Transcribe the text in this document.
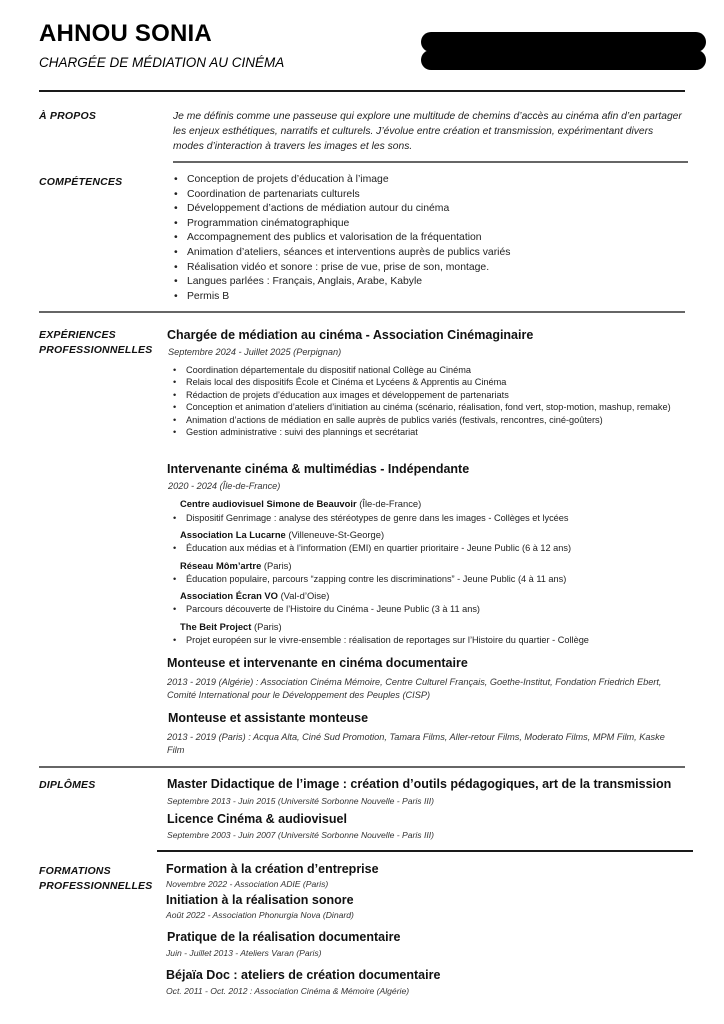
AHNOU SONIA
CHARGÉE DE MÉDIATION AU CINÉMA
À PROPOS	Je me définis comme une passeuse qui explore une multitude de chemins d’accès au cinéma afin d’en partager les enjeux esthétiques, narratifs et culturels. J’évolue entre création et transmission, expérimentant divers modes d’interaction à travers les images et les sons.
COMPÉTENCES	• Conception de projets d’éducation à l’image
• Coordination de partenariats culturels
• Développement d’actions de médiation autour du cinéma
• Programmation cinématographique
• Accompagnement des publics et valorisation de la fréquentation
• Animation d’ateliers, séances et interventions auprès de publics variés
• Réalisation vidéo et sonore : prise de vue, prise de son, montage.
• Langues parlées : Français, Anglais, Arabe, Kabyle
• Permis B
EXPÉRIENCES
PROFESSIONNELLES
Chargée de médiation au cinéma - Association Cinémaginaire
Septembre 2024 - Juillet 2025 (Perpignan)
• Coordination départementale du dispositif national Collège au Cinéma
• Relais local des dispositifs École et Cinéma et Lycéens & Apprentis au Cinéma
• Rédaction de projets d’éducation aux images et développement de partenariats
• Conception et animation d’ateliers d’initiation au cinéma (scénario, réalisation, fond vert, stop-motion, mashup, remake)
• Animation d’actions de médiation en salle auprès de publics variés (festivals, rencontres, ciné-goûters)
• Gestion administrative : suivi des plannings et secrétariat
Intervenante cinéma & multimédias - Indépendante
2020 - 2024 (Île-de-France)
Centre audiovisuel Simone de Beauvoir (Île-de-France)
• Dispositif Genrimage : analyse des stéréotypes de genre dans les images - Collèges et lycées
Association La Lucarne (Villeneuve-St-George)
• Éducation aux médias et à l’information (EMI) en quartier prioritaire - Jeune Public (6 à 12 ans)
Réseau Môm’artre (Paris)
• Éducation populaire, parcours “zapping contre les discriminations” - Jeune Public (4 à 11 ans)
Association Écran VO (Val-d’Oise)
• Parcours découverte de l’Histoire du Cinéma - Jeune Public (3 à 11 ans)
The Beit Project (Paris)
• Projet européen sur le vivre-ensemble : réalisation de reportages sur l’Histoire du quartier - Collège
Monteuse et intervenante en cinéma documentaire
2013 - 2019 (Algérie) : Association Cinéma Mémoire, Centre Culturel Français, Goethe-Institut, Fondation Friedrich Ebert, Comité International pour le Développement des Peuples (CISP)
Monteuse et assistante monteuse
2013 - 2019 (Paris) : Acqua Alta, Ciné Sud Promotion, Tamara Films, Aller-retour Films, Moderato Films, MPM Film, Kaske Film
DIPLÔMES	Master Didactique de l’image : création d’outils pédagogiques, art de la transmission
Septembre 2013 - Juin 2015 (Université Sorbonne Nouvelle - Paris III)
Licence Cinéma & audiovisuel
Septembre 2003 - Juin 2007 (Université Sorbonne Nouvelle - Paris III)
FORMATIONS
PROFESSIONNELLES
Formation à la création d’entreprise
Novembre 2022 - Association ADIE (Paris)
Initiation à la réalisation sonore
Août 2022 - Association Phonurgia Nova (Dinard)
Pratique de la réalisation documentaire
Juin - Juillet 2013 - Ateliers Varan (Paris)
Béjaïa Doc : ateliers de création documentaire
Oct. 2011 - Oct. 2012 : Association Cinéma & Mémoire (Algérie)
